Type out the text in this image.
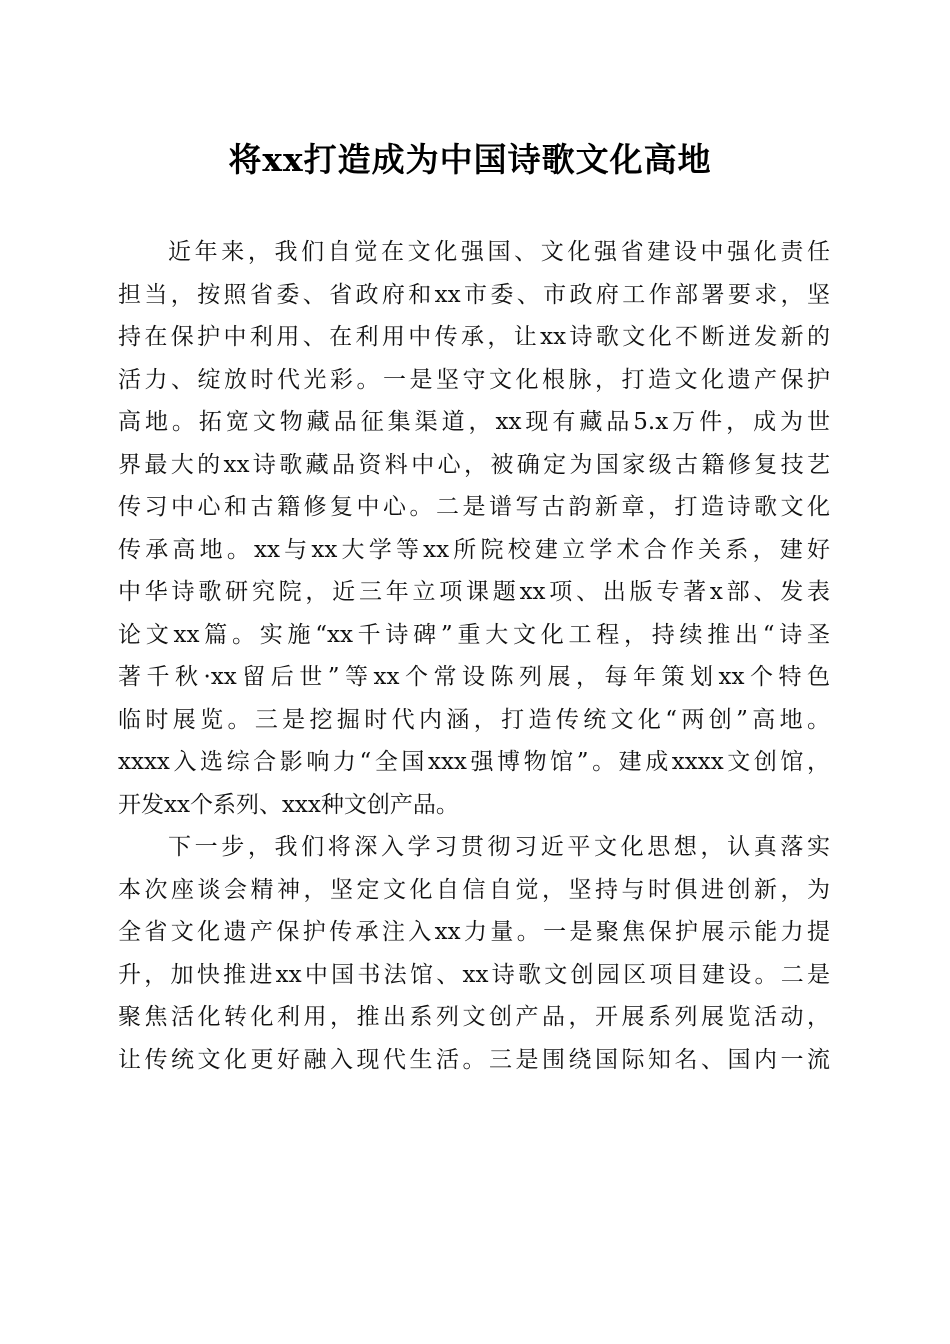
将xx打造成为中国诗歌文化高地
近年来，我们自觉在文化强国、文化强省建设中强化责任
担当，按照省委、省政府和xx市委、市政府工作部署要求，坚
持在保护中利用、在利用中传承，让xx诗歌文化不断迸发新的
活力、绽放时代光彩。一是坚守文化根脉，打造文化遗产保护
高地。拓宽文物藏品征集渠道，xx现有藏品5.x万件，成为世
界最大的xx诗歌藏品资料中心，被确定为国家级古籍修复技艺
传习中心和古籍修复中心。二是谱写古韵新章，打造诗歌文化
传承高地。xx与xx大学等xx所院校建立学术合作关系，建好
中华诗歌研究院，近三年立项课题xx项、出版专著x部、发表
论文xx篇。实施“xx千诗碑”重大文化工程，持续推出“诗圣
著千秋·xx留后世”等xx个常设陈列展，每年策划xx个特色
临时展览。三是挖掘时代内涵，打造传统文化“两创”高地。
xxxx入选综合影响力“全国xxx强博物馆”。建成xxxx文创馆，
开发xx个系列、xxx种文创产品。
下一步，我们将深入学习贯彻习近平文化思想，认真落实
本次座谈会精神，坚定文化自信自觉，坚持与时俱进创新，为
全省文化遗产保护传承注入xx力量。一是聚焦保护展示能力提
升，加快推进xx中国书法馆、xx诗歌文创园区项目建设。二是
聚焦活化转化利用，推出系列文创产品，开展系列展览活动，
让传统文化更好融入现代生活。三是围绕国际知名、国内一流
